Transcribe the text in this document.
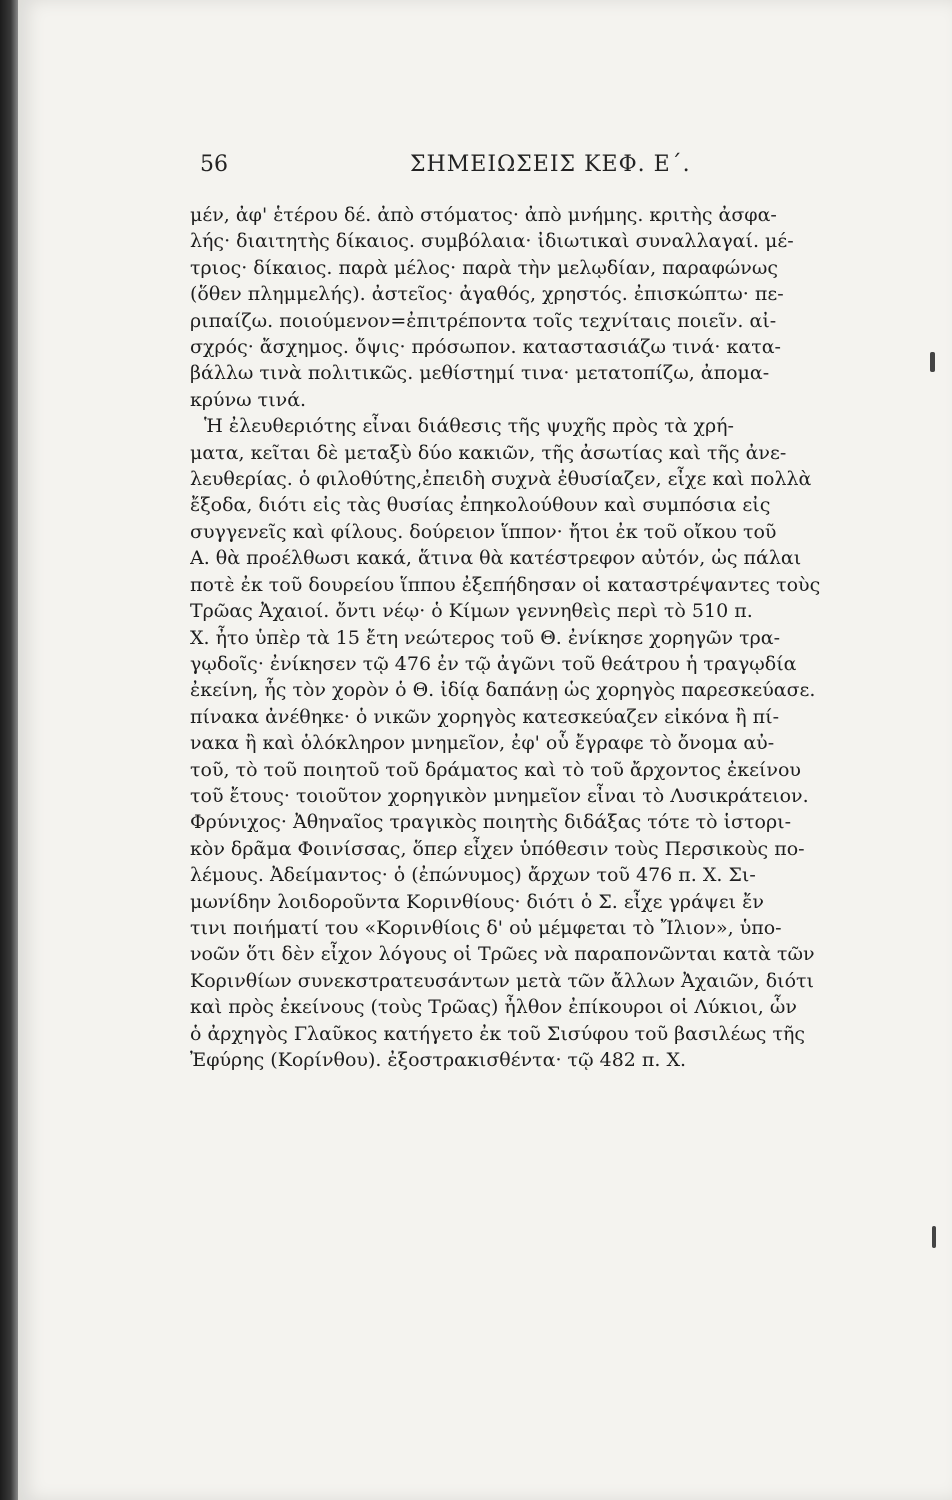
56	ΣΗΜΕΙΩΣΕΙΣ ΚΕΦ. Ε΄.
μέν, ἀφ' ἑτέρου δέ. ἀπὸ στόματος· ἀπὸ μνήμης. κριτὴς ἀσφα-
λής· διαιτητὴς δίκαιος. συμβόλαια· ἰδιωτικαὶ συναλλαγαί. μέ-
τριος· δίκαιος. παρὰ μέλος· παρὰ τὴν μελῳδίαν, παραφώνως
(ὅθεν πλημμελής). ἀστεῖος· ἀγαθός, χρηστός. ἐπισκώπτω· πε-
ριπαίζω. ποιούμενον=ἐπιτρέποντα τοῖς τεχνίταις ποιεῖν. αἰ-
σχρός· ἄσχημος. ὄψις· πρόσωπον. καταστασιάζω τινά· κατα-
βάλλω τινὰ πολιτικῶς. μεθίστημί τινα· μετατοπίζω, ἀπομα-
κρύνω τινά.
Ἡ ἐλευθεριότης εἶναι διάθεσις τῆς ψυχῆς πρὸς τὰ χρή-
ματα, κεῖται δὲ μεταξὺ δύο κακιῶν, τῆς ἀσωτίας καὶ τῆς ἀνε-
λευθερίας. ὁ φιλοθύτης,ἐπειδὴ συχνὰ ἐθυσίαζεν, εἶχε καὶ πολλὰ
ἔξοδα, διότι εἰς τὰς θυσίας ἐπηκολούθουν καὶ συμπόσια εἰς
συγγενεῖς καὶ φίλους. δούρειον ἵππον· ἤτοι ἐκ τοῦ οἴκου τοῦ
Α. θὰ προέλθωσι κακά, ἅτινα θὰ κατέστρεφον αὐτόν, ὡς πάλαι
ποτὲ ἐκ τοῦ δουρείου ἵππου ἐξεπήδησαν οἱ καταστρέψαντες τοὺς
Τρῶας Ἀχαιοί. ὄντι νέῳ· ὁ Κίμων γεννηθεὶς περὶ τὸ 510 π.
Χ. ἦτο ὑπὲρ τὰ 15 ἔτη νεώτερος τοῦ Θ. ἐνίκησε χορηγῶν τρα-
γῳδοῖς· ἐνίκησεν τῷ 476 ἐν τῷ ἀγῶνι τοῦ θεάτρου ἡ τραγῳδία
ἐκείνη, ἧς τὸν χορὸν ὁ Θ. ἰδίᾳ δαπάνῃ ὡς χορηγὸς παρεσκεύασε.
πίνακα ἀνέθηκε· ὁ νικῶν χορηγὸς κατεσκεύαζεν εἰκόνα ἢ πί-
νακα ἢ καὶ ὁλόκληρον μνημεῖον, ἐφ' οὗ ἔγραφε τὸ ὄνομα αὐ-
τοῦ, τὸ τοῦ ποιητοῦ τοῦ δράματος καὶ τὸ τοῦ ἄρχοντος ἐκείνου
τοῦ ἔτους· τοιοῦτον χορηγικὸν μνημεῖον εἶναι τὸ Λυσικράτειον.
Φρύνιχος· Ἀθηναῖος τραγικὸς ποιητὴς διδάξας τότε τὸ ἱστορι-
κὸν δρᾶμα Φοινίσσας, ὅπερ εἶχεν ὑπόθεσιν τοὺς Περσικοὺς πο-
λέμους. Ἀδείμαντος· ὁ (ἐπώνυμος) ἄρχων τοῦ 476 π. Χ. Σι-
μωνίδην λοιδοροῦντα Κορινθίους· διότι ὁ Σ. εἶχε γράψει ἔν
τινι ποιήματί του «Κορινθίοις δ' οὐ μέμφεται τὸ Ἴλιον», ὑπο-
νοῶν ὅτι δὲν εἶχον λόγους οἱ Τρῶες νὰ παραπονῶνται κατὰ τῶν
Κορινθίων συνεκστρατευσάντων μετὰ τῶν ἄλλων Ἀχαιῶν, διότι
καὶ πρὸς ἐκείνους (τοὺς Τρῶας) ἦλθον ἐπίκουροι οἱ Λύκιοι, ὧν
ὁ ἀρχηγὸς Γλαῦκος κατήγετο ἐκ τοῦ Σισύφου τοῦ βασιλέως τῆς
Ἐφύρης (Κορίνθου). ἐξοστρακισθέντα· τῷ 482 π. Χ.
